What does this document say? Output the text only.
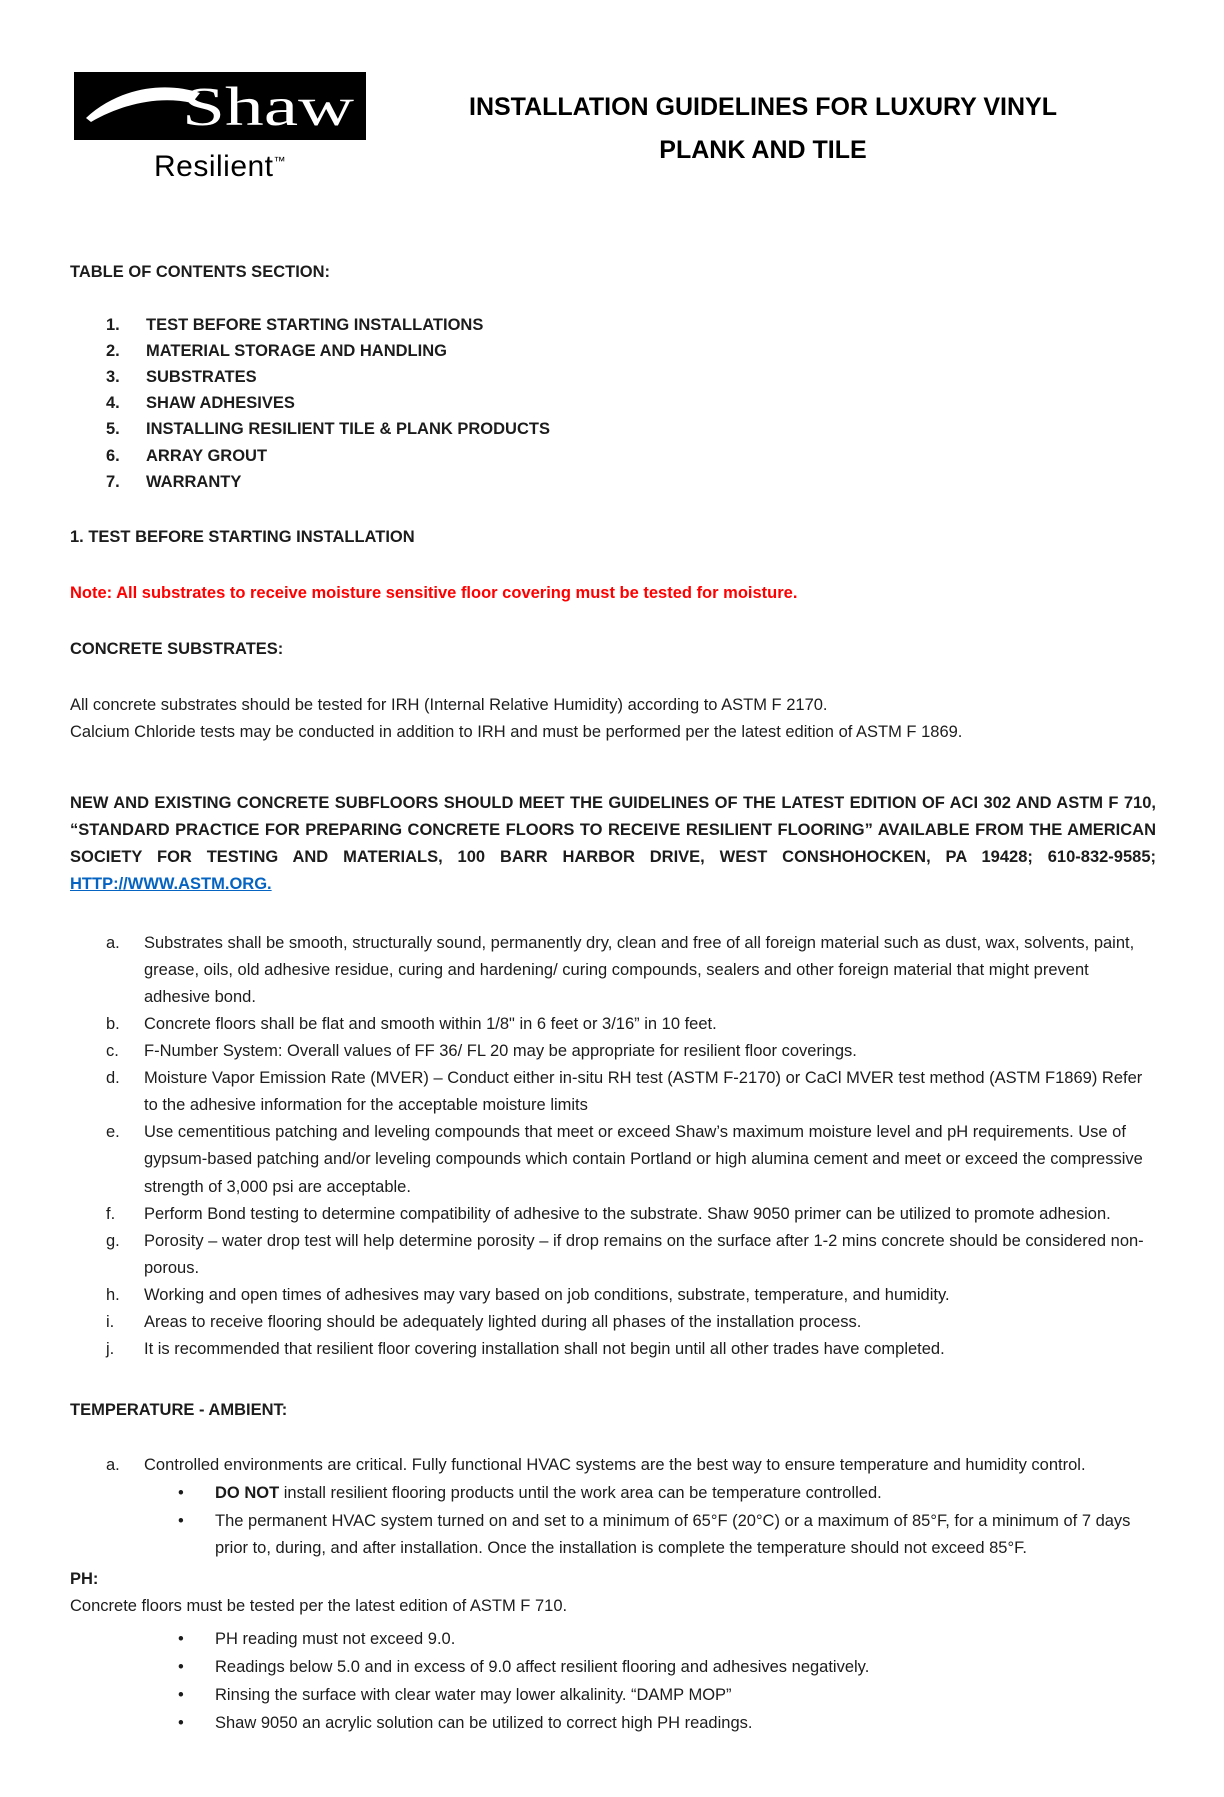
Shaw
Resilient™
INSTALLATION GUIDELINES FOR LUXURY VINYL
PLANK AND TILE
TABLE OF CONTENTS SECTION:
1.	TEST BEFORE STARTING INSTALLATIONS
2.	MATERIAL STORAGE AND HANDLING
3.	SUBSTRATES
4.	SHAW ADHESIVES
5.	INSTALLING RESILIENT TILE & PLANK PRODUCTS
6.	ARRAY GROUT
7.	WARRANTY
1. TEST BEFORE STARTING INSTALLATION

Note: All substrates to receive moisture sensitive floor covering must be tested for moisture.

CONCRETE SUBSTRATES:
All concrete substrates should be tested for IRH (Internal Relative Humidity) according to ASTM F 2170.
Calcium Chloride tests may be conducted in addition to IRH and must be performed per the latest edition of ASTM F 1869.

NEW AND EXISTING CONCRETE SUBFLOORS SHOULD MEET THE GUIDELINES OF THE LATEST EDITION OF ACI 302 AND ASTM F 710, “STANDARD PRACTICE FOR PREPARING CONCRETE FLOORS TO RECEIVE RESILIENT FLOORING” AVAILABLE FROM THE AMERICAN SOCIETY FOR TESTING AND MATERIALS, 100 BARR HARBOR DRIVE, WEST CONSHOHOCKEN, PA 19428; 610-832-9585; HTTP://WWW.ASTM.ORG.

a.	Substrates shall be smooth, structurally sound, permanently dry, clean and free of all foreign material such as dust, wax, solvents, paint, grease, oils, old adhesive residue, curing and hardening/ curing compounds, sealers and other foreign material that might prevent adhesive bond.
b.	Concrete floors shall be flat and smooth within 1/8" in 6 feet or 3/16” in 10 feet.
c.	F-Number System: Overall values of FF 36/ FL 20 may be appropriate for resilient floor coverings.
d.	Moisture Vapor Emission Rate (MVER) – Conduct either in-situ RH test (ASTM F-2170) or CaCl MVER test method (ASTM F1869) Refer to the adhesive information for the acceptable moisture limits
e.	Use cementitious patching and leveling compounds that meet or exceed Shaw’s maximum moisture level and pH requirements. Use of gypsum-based patching and/or leveling compounds which contain Portland or high alumina cement and meet or exceed the compressive strength of 3,000 psi are acceptable.
f.	Perform Bond testing to determine compatibility of adhesive to the substrate. Shaw 9050 primer can be utilized to promote adhesion.
g.	Porosity – water drop test will help determine porosity – if drop remains on the surface after 1-2 mins concrete should be considered non-porous.
h.	Working and open times of adhesives may vary based on job conditions, substrate, temperature, and humidity.
i.	Areas to receive flooring should be adequately lighted during all phases of the installation process.
j.	It is recommended that resilient floor covering installation shall not begin until all other trades have completed.
TEMPERATURE - AMBIENT:
a.	Controlled environments are critical. Fully functional HVAC systems are the best way to ensure temperature and humidity control.
•
DO NOT install resilient flooring products until the work area can be temperature controlled.
•
The permanent HVAC system turned on and set to a minimum of 65°F (20°C) or a maximum of 85°F, for a minimum of 7 days prior to, during, and after installation. Once the installation is complete the temperature should not exceed 85°F.
PH:

Concrete floors must be tested per the latest edition of ASTM F 710.

•
PH reading must not exceed 9.0.
•
Readings below 5.0 and in excess of 9.0 affect resilient flooring and adhesives negatively.
•
Rinsing the surface with clear water may lower alkalinity. “DAMP MOP”
•
Shaw 9050 an acrylic solution can be utilized to correct high PH readings.
